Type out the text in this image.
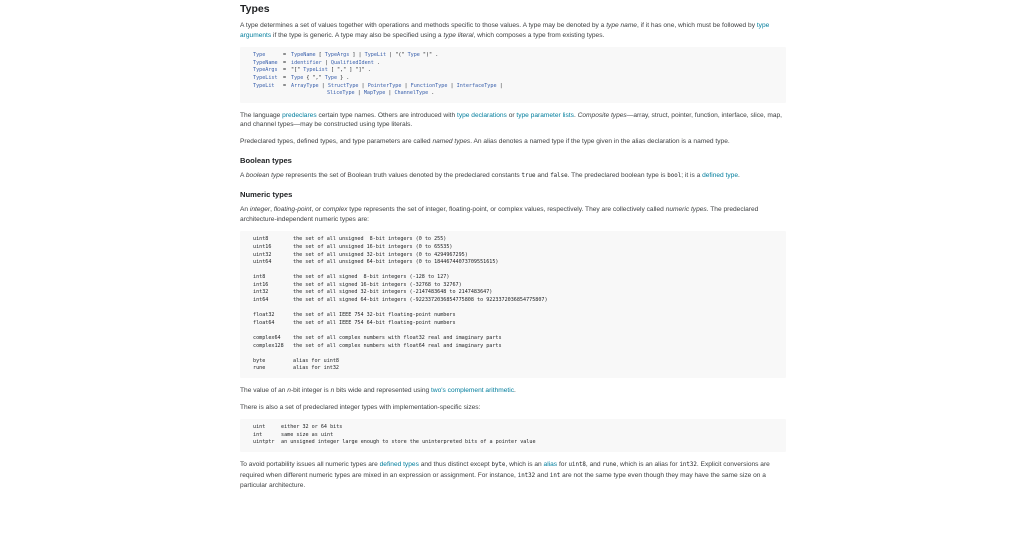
Types

A type determines a set of values together with operations and methods specific to those values. A type may be denoted by a type name, if it has one, which must be followed by type arguments if the type is generic. A type may also be specified using a type literal, which composes a type from existing types.

Type	= TypeName [ TypeArgs ] | TypeLit | "(" Type ")" .
TypeName	= identifier | QualifiedIdent .
TypeArgs	= "[" TypeList [ "," ] "]" .
TypeList	= Type { "," Type } .
TypeLit	= ArrayType | StructType | PointerType | FunctionType | InterfaceType |
SliceType | MapType | ChannelType .

The language predeclares certain type names. Others are introduced with type declarations or type parameter lists. Composite types—array, struct, pointer, function, interface, slice, map, and channel types—may be constructed using type literals.

Predeclared types, defined types, and type parameters are called named types. An alias denotes a named type if the type given in the alias declaration is a named type.

Boolean types

A boolean type represents the set of Boolean truth values denoted by the predeclared constants true and false. The predeclared boolean type is bool; it is a defined type.

Numeric types

An integer, floating-point, or complex type represents the set of integer, floating-point, or complex values, respectively. They are collectively called numeric types. The predeclared architecture-independent numeric types are:

uint8	the set of all unsigned  8-bit integers (0 to 255)
uint16	the set of all unsigned 16-bit integers (0 to 65535)
uint32	the set of all unsigned 32-bit integers (0 to 4294967295)
uint64	the set of all unsigned 64-bit integers (0 to 18446744073709551615)
int8	the set of all signed  8-bit integers (-128 to 127)
int16	the set of all signed 16-bit integers (-32768 to 32767)
int32	the set of all signed 32-bit integers (-2147483648 to 2147483647)
int64	the set of all signed 64-bit integers (-9223372036854775808 to 9223372036854775807)
float32	the set of all IEEE 754 32-bit floating-point numbers
float64	the set of all IEEE 754 64-bit floating-point numbers
complex64	the set of all complex numbers with float32 real and imaginary parts
complex128	the set of all complex numbers with float64 real and imaginary parts
byte	alias for uint8
rune	alias for int32

The value of an n-bit integer is n bits wide and represented using two's complement arithmetic.

There is also a set of predeclared integer types with implementation-specific sizes:

uint	either 32 or 64 bits
int	same size as uint
uintptr	an unsigned integer large enough to store the uninterpreted bits of a pointer value

To avoid portability issues all numeric types are defined types and thus distinct except byte, which is an alias for uint8, and rune, which is an alias for int32. Explicit conversions are required when different numeric types are mixed in an expression or assignment. For instance, int32 and int are not the same type even though they may have the same size on a particular architecture.
